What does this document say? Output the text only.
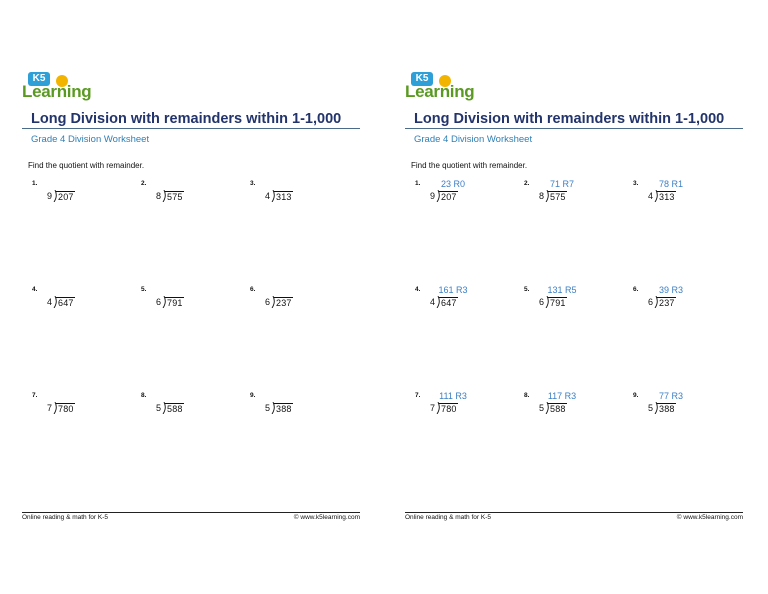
K5
Learning
Long Division with remainders within 1-1,000
Grade 4 Division Worksheet
Find the quotient with remainder.
1.
9 207
2.
8 575
3.
4 313
4.
4 647
5.
6 791
6.
6 237
7.
7 780
8.
5 588
9.
5 388
Online reading & math for K-5	© www.k5learning.com
K5
Learning
Long Division with remainders within 1-1,000
Grade 4 Division Worksheet
Find the quotient with remainder.
1.	23 R0
9 207
2.	71 R7
8 575
3.	78 R1
4 313
4.	161 R3
4 647
5.	131 R5
6 791
6.	39 R3
6 237
7.	111 R3
7 780
8.	117 R3
5 588
9.	77 R3
5 388
Online reading & math for K-5	© www.k5learning.com
